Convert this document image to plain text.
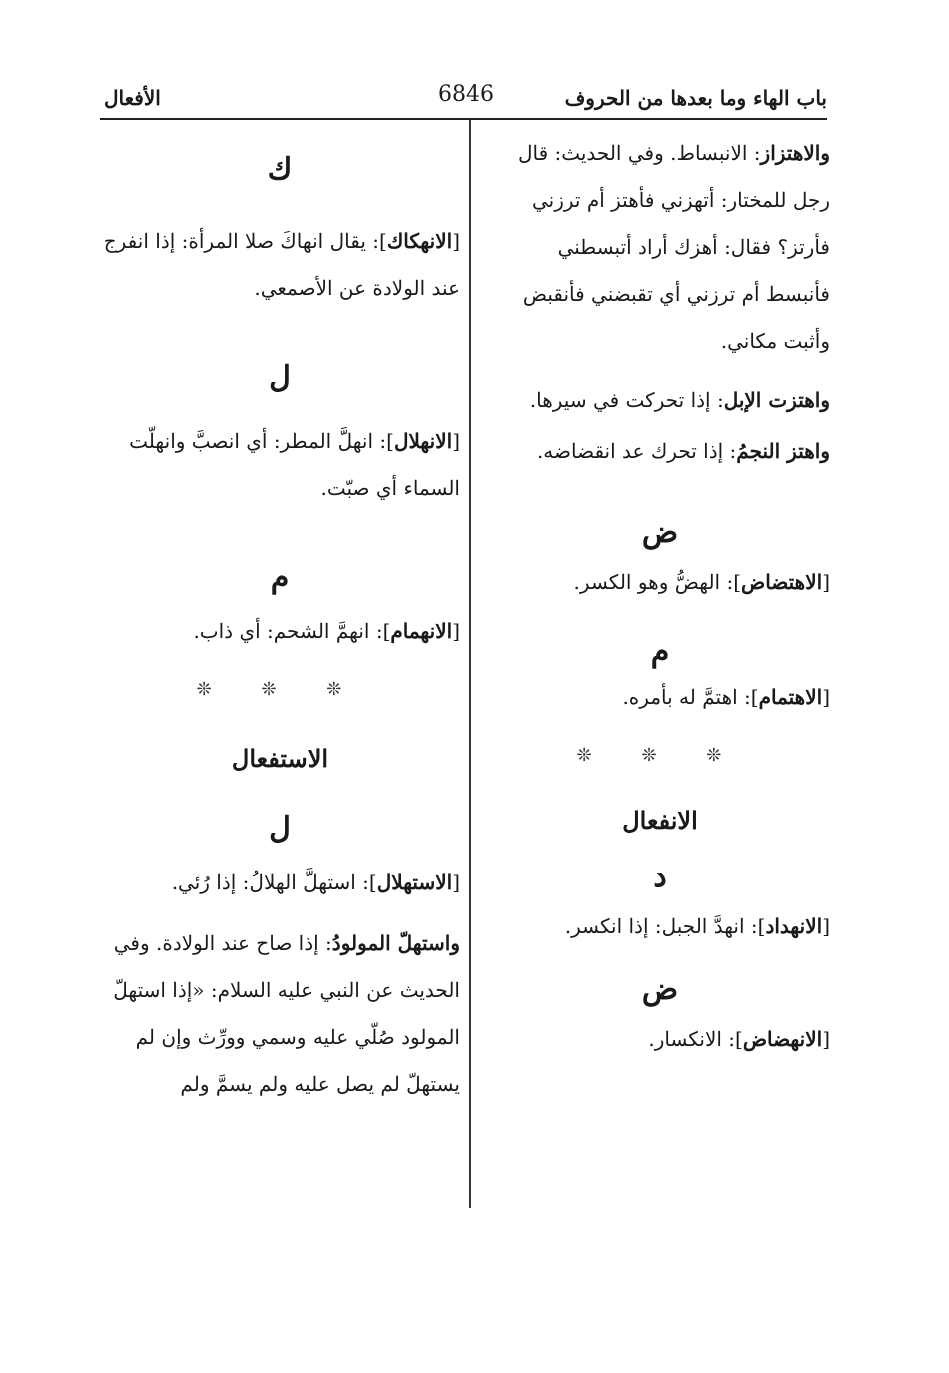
باب الهاء وما بعدها من الحروف
6846
الأفعال

والاهتزاز: الانبساط. وفي الحديث: قال رجل للمختار: أتهزني فأهتز أم ترزني فأرتز؟ فقال: أهزك أراد أتبسطني فأنبسط أم ترزني أي تقبضني فأنقبض وأثبت مكاني.

واهتزت الإبل: إذا تحركت في سيرها.

واهتز النجمُ: إذا تحرك عد انقضاضه.

ض

[الاهتضاض]: الهضُّ وهو الكسر.

م

[الاهتمام]: اهتمَّ له بأمره.

❊ ❊ ❊
الانفعال
د

[الانهداد]: انهدَّ الجبل: إذا انكسر.

ض

[الانهضاض]: الانكسار.

ك

[الانهكاك]: يقال انهاكَ صلا المرأة: إذا انفرج عند الولادة عن الأصمعي.

ل

[الانهلال]: انهلَّ المطر: أي انصبَّ وانهلّت السماء أي صبّت.

م

[الانهمام]: انهمَّ الشحم: أي ذاب.

❊ ❊ ❊
الاستفعال
ل

[الاستهلال]: استهلَّ الهلالُ: إذا رُئي.

واستهلّ المولودُ: إذا صاح عند الولادة. وفي الحديث عن النبي عليه السلام: «إذا استهلّ المولود صُلّي عليه وسمي وورِّث وإن لم يستهلّ لم يصل عليه ولم يسمَّ ولم
